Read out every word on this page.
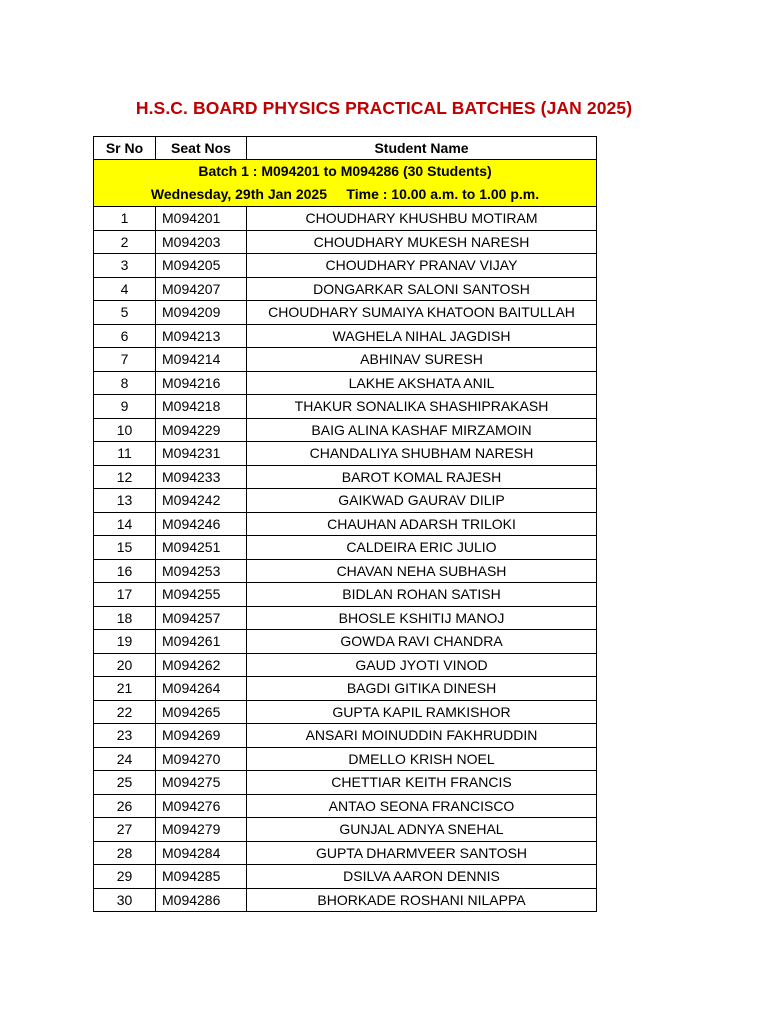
H.S.C. BOARD PHYSICS PRACTICAL BATCHES (JAN 2025)
Sr No	Seat Nos	Student Name

Batch 1 : M094201 to M094286 (30 Students)
Wednesday, 29th Jan 2025     Time : 10.00 a.m. to 1.00 p.m.		

1	M094201	CHOUDHARY KHUSHBU MOTIRAM
2	M094203	CHOUDHARY MUKESH NARESH
3	M094205	CHOUDHARY PRANAV VIJAY
4	M094207	DONGARKAR SALONI SANTOSH
5	M094209	CHOUDHARY SUMAIYA KHATOON BAITULLAH
6	M094213	WAGHELA NIHAL JAGDISH
7	M094214	ABHINAV SURESH
8	M094216	LAKHE AKSHATA ANIL
9	M094218	THAKUR SONALIKA SHASHIPRAKASH
10	M094229	BAIG ALINA KASHAF MIRZAMOIN
11	M094231	CHANDALIYA SHUBHAM NARESH
12	M094233	BAROT KOMAL RAJESH
13	M094242	GAIKWAD GAURAV DILIP
14	M094246	CHAUHAN ADARSH TRILOKI
15	M094251	CALDEIRA ERIC JULIO
16	M094253	CHAVAN NEHA SUBHASH
17	M094255	BIDLAN ROHAN SATISH
18	M094257	BHOSLE KSHITIJ MANOJ
19	M094261	GOWDA RAVI CHANDRA
20	M094262	GAUD JYOTI VINOD
21	M094264	BAGDI GITIKA DINESH
22	M094265	GUPTA KAPIL RAMKISHOR
23	M094269	ANSARI MOINUDDIN FAKHRUDDIN
24	M094270	DMELLO KRISH NOEL
25	M094275	CHETTIAR KEITH FRANCIS
26	M094276	ANTAO SEONA FRANCISCO
27	M094279	GUNJAL ADNYA SNEHAL
28	M094284	GUPTA DHARMVEER SANTOSH
29	M094285	DSILVA AARON DENNIS
30	M094286	BHORKADE ROSHANI NILAPPA
